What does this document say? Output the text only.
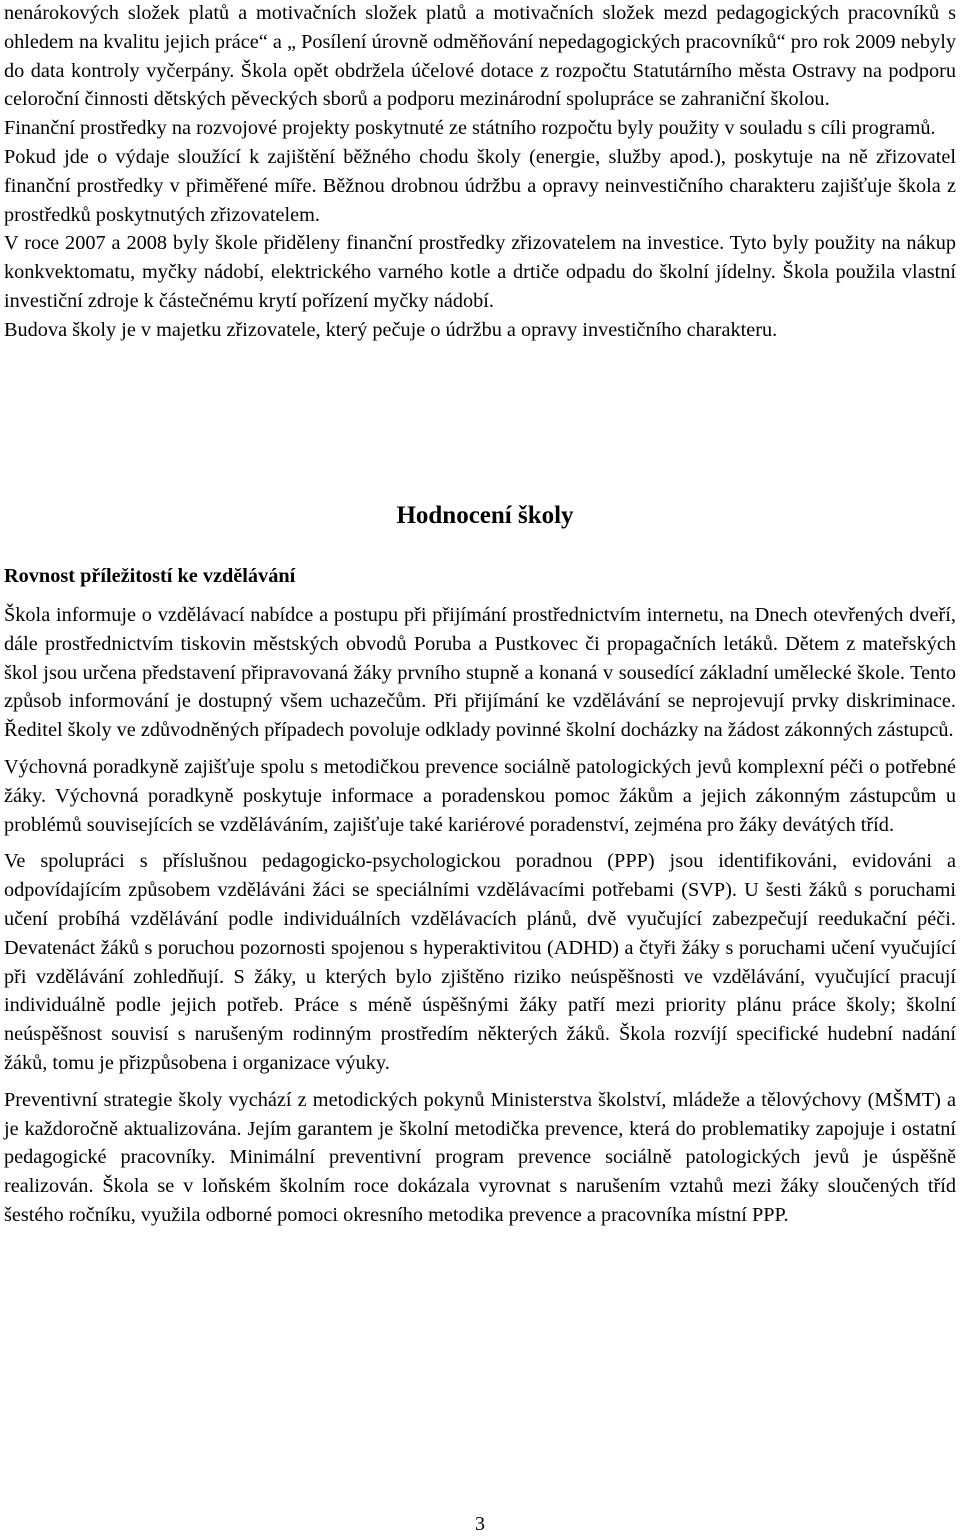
nenárokových složek platů a motivačních složek platů a motivačních složek mezd pedagogických pracovníků s ohledem na kvalitu jejich práce“ a „ Posílení úrovně odměňování nepedagogických pracovníků“ pro rok 2009 nebyly do data kontroly vyčerpány. Škola opět obdržela účelové dotace z rozpočtu Statutárního města Ostravy na podporu celoroční činnosti dětských pěveckých sborů a podporu mezinárodní spolupráce se zahraniční školou.

Finanční prostředky na rozvojové projekty poskytnuté ze státního rozpočtu byly použity v souladu s cíli programů.

Pokud jde o výdaje sloužící k zajištění běžného chodu školy (energie, služby apod.), poskytuje na ně zřizovatel finanční prostředky v přiměřené míře. Běžnou drobnou údržbu a opravy neinvestičního charakteru zajišťuje škola z prostředků poskytnutých zřizovatelem.

V roce 2007 a 2008 byly škole přiděleny finanční prostředky zřizovatelem na investice. Tyto byly použity na nákup konkvektomatu, myčky nádobí, elektrického varného kotle a drtiče odpadu do školní jídelny. Škola použila vlastní investiční zdroje k částečnému krytí pořízení myčky nádobí.

Budova školy je v majetku zřizovatele, který pečuje o údržbu a opravy investičního charakteru.

Hodnocení školy
Rovnost příležitostí ke vzdělávání

Škola informuje o vzdělávací nabídce a postupu při přijímání prostřednictvím internetu, na Dnech otevřených dveří, dále prostřednictvím tiskovin městských obvodů Poruba a Pustkovec či propagačních letáků. Dětem z mateřských škol jsou určena představení připravovaná žáky prvního stupně a konaná v sousedící základní umělecké škole. Tento způsob informování je dostupný všem uchazečům. Při přijímání ke vzdělávání se neprojevují prvky diskriminace. Ředitel školy ve zdůvodněných případech povoluje odklady povinné školní docházky na žádost zákonných zástupců.

Výchovná poradkyně zajišťuje spolu s metodičkou prevence sociálně patologických jevů komplexní péči o potřebné žáky. Výchovná poradkyně poskytuje informace a poradenskou pomoc žákům a jejich zákonným zástupcům u problémů souvisejících se vzděláváním, zajišťuje také kariérové poradenství, zejména pro žáky devátých tříd.

Ve spolupráci s příslušnou pedagogicko-psychologickou poradnou (PPP) jsou identifikováni, evidováni a odpovídajícím způsobem vzděláváni žáci se speciálními vzdělávacími potřebami (SVP). U šesti žáků s poruchami učení probíhá vzdělávání podle individuálních vzdělávacích plánů, dvě vyučující zabezpečují reedukační péči. Devatenáct žáků s poruchou pozornosti spojenou s hyperaktivitou (ADHD) a čtyři žáky s poruchami učení vyučující při vzdělávání zohledňují. S žáky, u kterých bylo zjištěno riziko neúspěšnosti ve vzdělávání, vyučující pracují individuálně podle jejich potřeb. Práce s méně úspěšnými žáky patří mezi priority plánu práce školy; školní neúspěšnost souvisí s narušeným rodinným prostředím některých žáků. Škola rozvíjí specifické hudební nadání žáků, tomu je přizpůsobena i organizace výuky.

Preventivní strategie školy vychází z metodických pokynů Ministerstva školství, mládeže a tělovýchovy (MŠMT) a je každoročně aktualizována. Jejím garantem je školní metodička prevence, která do problematiky zapojuje i ostatní pedagogické pracovníky. Minimální preventivní program prevence sociálně patologických jevů je úspěšně realizován. Škola se v loňském školním roce dokázala vyrovnat s narušením vztahů mezi žáky sloučených tříd šestého ročníku, využila odborné pomoci okresního metodika prevence a pracovníka místní PPP.

3
